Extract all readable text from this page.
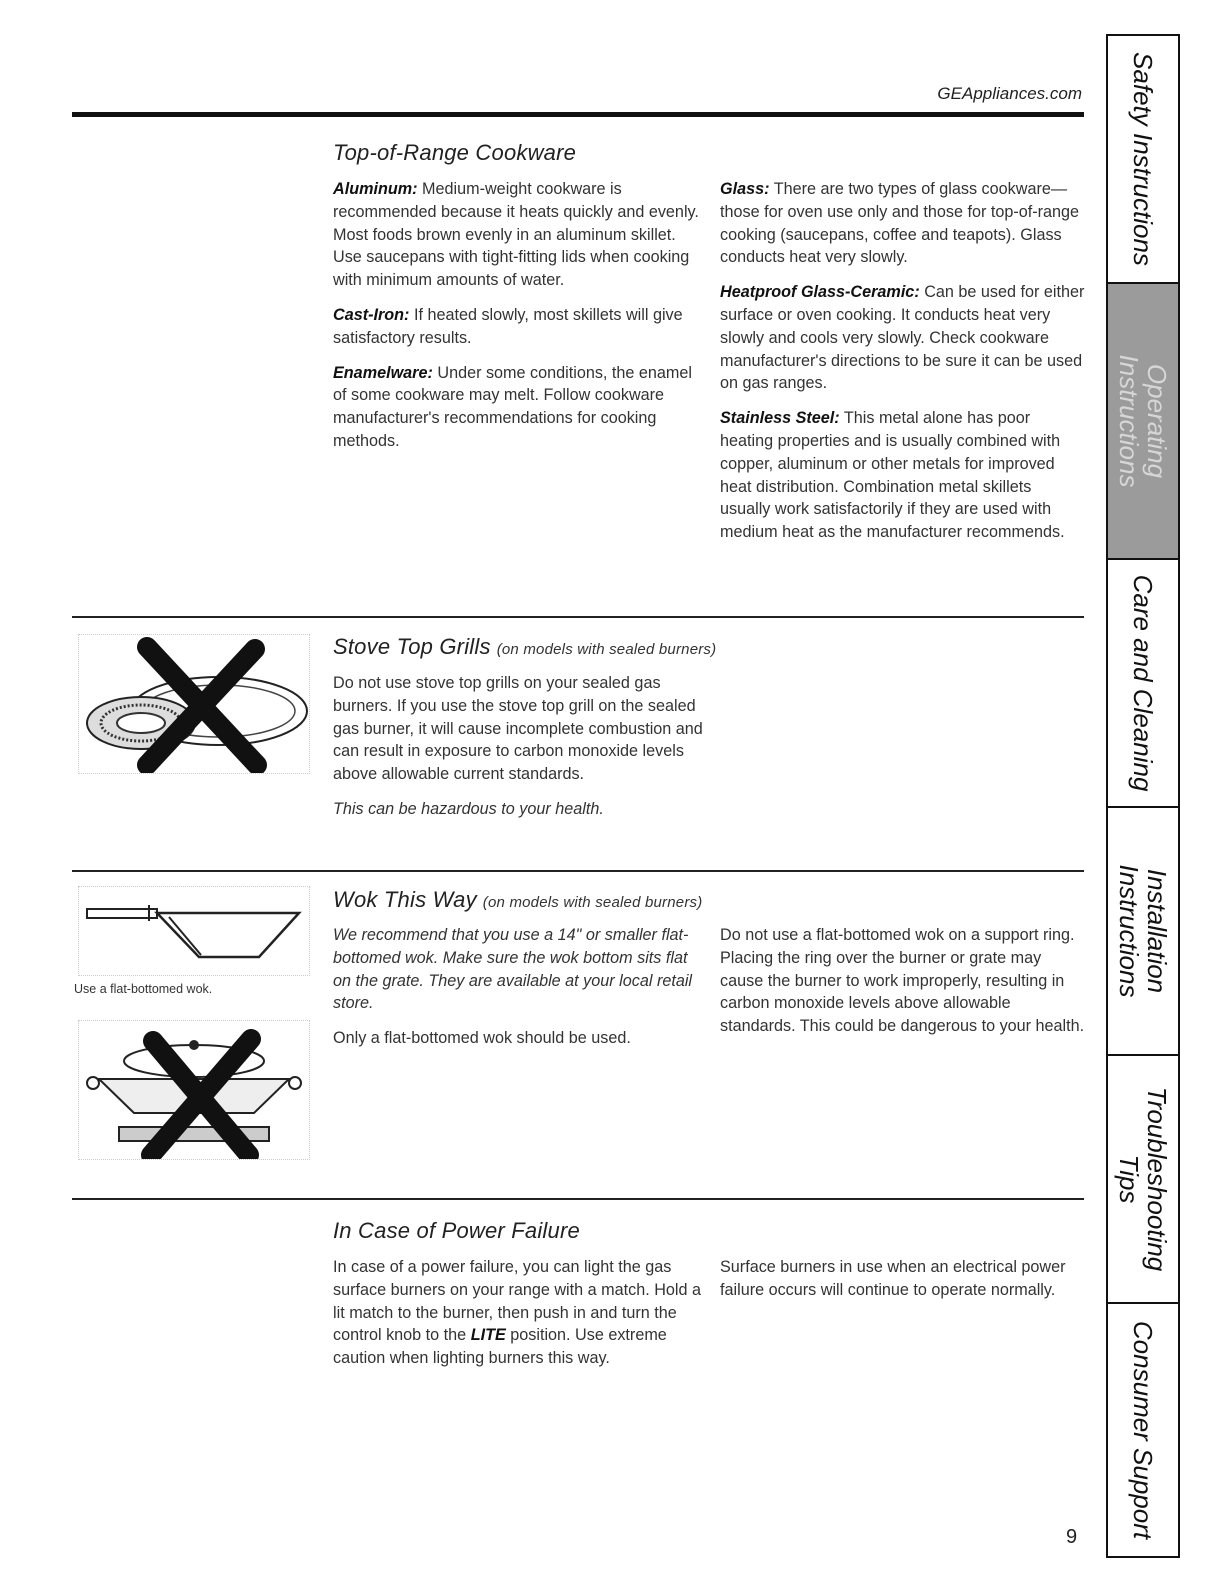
GEAppliances.com Safety Instructions
Operating Instructions
Care and Cleaning
Installation Instructions
Troubleshooting Tips
Consumer Support
Top-of-Range Cookware

Aluminum: Medium-weight cookware is recommended because it heats quickly and evenly. Most foods brown evenly in an aluminum skillet. Use saucepans with tight-fitting lids when cooking with minimum amounts of water.

Cast-Iron: If heated slowly, most skillets will give satisfactory results.

Enamelware: Under some conditions, the enamel of some cookware may melt. Follow cookware manufacturer's recommendations for cooking methods.

Glass: There are two types of glass cookware—those for oven use only and those for top-of-range cooking (saucepans, coffee and teapots). Glass conducts heat very slowly.

Heatproof Glass-Ceramic: Can be used for either surface or oven cooking. It conducts heat very slowly and cools very slowly. Check cookware manufacturer's directions to be sure it can be used on gas ranges.

Stainless Steel: This metal alone has poor heating properties and is usually combined with copper, aluminum or other metals for improved heat distribution. Combination metal skillets usually work satisfactorily if they are used with medium heat as the manufacturer recommends.

Stove Top Grills (on models with sealed burners)

Do not use stove top grills on your sealed gas burners. If you use the stove top grill on the sealed gas burner, it will cause incomplete combustion and can result in exposure to carbon monoxide levels above allowable current standards.

This can be hazardous to your health.

Use a flat-bottomed wok.
Wok This Way (on models with sealed burners)

We recommend that you use a 14" or smaller flat-bottomed wok. Make sure the wok bottom sits flat on the grate. They are available at your local retail store.

Only a flat-bottomed wok should be used.

Do not use a flat-bottomed wok on a support ring. Placing the ring over the burner or grate may cause the burner to work improperly, resulting in carbon monoxide levels above allowable standards. This could be dangerous to your health.

In Case of Power Failure

In case of a power failure, you can light the gas surface burners on your range with a match. Hold a lit match to the burner, then push in and turn the control knob to the LITE position. Use extreme caution when lighting burners this way.

Surface burners in use when an electrical power failure occurs will continue to operate normally.

9
